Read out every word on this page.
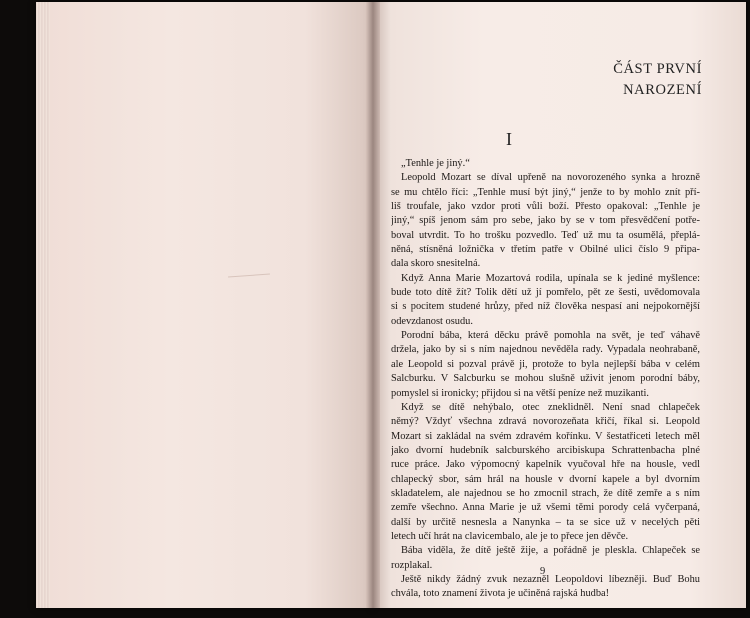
ČÁST PRVNÍ
NAROZENÍ
I
„Tenhle je jiný.“
Leopold Mozart se díval upřeně na novorozeného synka a hrozně
se mu chtělo říci: „Tenhle musí být jiný,“ jenže to by mohlo znít pří-
liš troufale, jako vzdor proti vůli boží. Přesto opakoval: „Tenhle je
jiný,“ spíš jenom sám pro sebe, jako by se v tom přesvědčení potře-
boval utvrdit. To ho trošku pozvedlo. Teď už mu ta osumělá, přeplá-
něná, stísněná ložnička v třetím patře v Obilné ulici číslo 9 připa-
dala skoro snesitelná.
Když Anna Marie Mozartová rodila, upínala se k jediné myšlence:
bude toto dítě žít? Tolik dětí už jí pomřelo, pět ze šesti, uvědomovala
si s pocitem studené hrůzy, před níž člověka nespasí ani nejpokornější
odevzdanost osudu.
Porodní bába, která děcku právě pomohla na svět, je teď váhavě
držela, jako by si s ním najednou nevěděla rady. Vypadala neohrabaně,
ale Leopold si pozval právě ji, protože to byla nejlepší bába v celém
Salcburku. V Salcburku se mohou slušně uživit jenom porodní báby,
pomyslel si ironicky; přijdou si na větší peníze než muzikanti.
Když se dítě nehýbalo, otec zneklidněl. Není snad chlapeček
němý? Vždyť všechna zdravá novorozeňata křičí, říkal si. Leopold
Mozart si zakládal na svém zdravém kořínku. V šestatřiceti letech měl
jako dvorní hudebník salcburského arcibiskupa Schrattenbacha plné
ruce práce. Jako výpomocný kapelník vyučoval hře na housle, vedl
chlapecký sbor, sám hrál na housle v dvorní kapele a byl dvorním
skladatelem, ale najednou se ho zmocnil strach, že dítě zemře a s ním
zemře všechno. Anna Marie je už všemi těmi porody celá vyčerpaná,
další by určitě nesnesla a Nanynka – ta se sice už v necelých pěti
letech učí hrát na clavicembalo, ale je to přece jen děvče.
Bába viděla, že dítě ještě žije, a pořádně je pleskla. Chlapeček se
rozplakal.
Ještě nikdy žádný zvuk nezazněl Leopoldovi líbezněji. Buď Bohu
chvála, toto znamení života je učiněná rajská hudba!
9
